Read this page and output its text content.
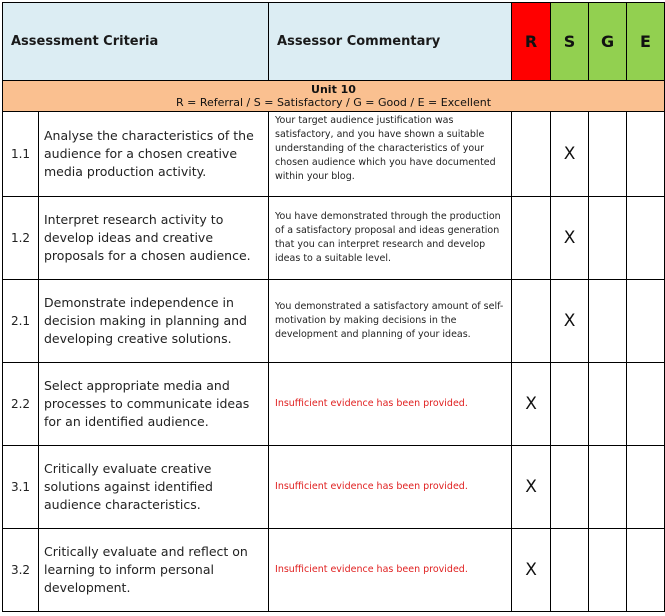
Assessment Criteria		Assessor Commentary	R	S	G	E

Unit 10
R = Referral / S = Satisfactory / G = Good / E = Excellent						

1.1	Analyse the characteristics of the audience for a chosen creative media production activity.	Your target audience justification was satisfactory, and you have shown a suitable understanding of the characteristics of your chosen audience which you have documented within your blog.		X		
1.2	Interpret research activity to develop ideas and creative proposals for a chosen audience.	You have demonstrated through the production of a satisfactory proposal and ideas generation that you can interpret research and develop ideas to a suitable level.		X		
2.1	Demonstrate independence in decision making in planning and developing creative solutions.	You demonstrated a satisfactory amount of self-motivation by making decisions in the development and planning of your ideas.		X		
2.2	Select appropriate media and processes to communicate ideas for an identified audience.	Insufficient evidence has been provided.	X			
3.1	Critically evaluate creative solutions against identified audience characteristics.	Insufficient evidence has been provided.	X			
3.2	Critically evaluate and reflect on learning to inform personal development.	Insufficient evidence has been provided.	X			
